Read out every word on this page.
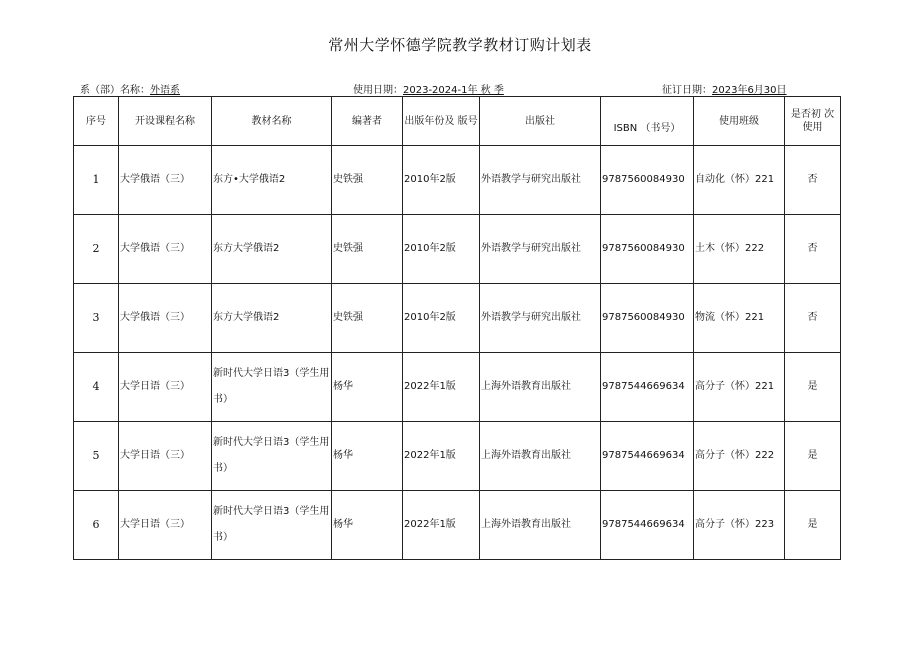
常州大学怀德学院教学教材订购计划表
系（部）名称：外语系	使用日期：2023-2024-1年 秋 季	征订日期：2023年6月30日
序号	开设课程名称	教材名称	编著者	出版年份及 版号	出版社	ISBN （书号）	使用班级	是否初 次使用
1	大学俄语（三）	东方•大学俄语2	史铁强	2010年2版	外语教学与研究出版社	9787560084930	自动化（怀）221	否
2	大学俄语（三）	东方大学俄语2	史铁强	2010年2版	外语教学与研究出版社	9787560084930	土木（怀）222	否
3	大学俄语（三）	东方大学俄语2	史铁强	2010年2版	外语教学与研究出版社	9787560084930	物流（怀）221	否
4	大学日语（三）	新时代大学日语3（学生用书）	杨华	2022年1版	上海外语教育出版社	9787544669634	高分子（怀）221	是
5	大学日语（三）	新时代大学日语3（学生用书）	杨华	2022年1版	上海外语教育出版社	9787544669634	高分子（怀）222	是
6	大学日语（三）	新时代大学日语3（学生用书）	杨华	2022年1版	上海外语教育出版社	9787544669634	高分子（怀）223	是
